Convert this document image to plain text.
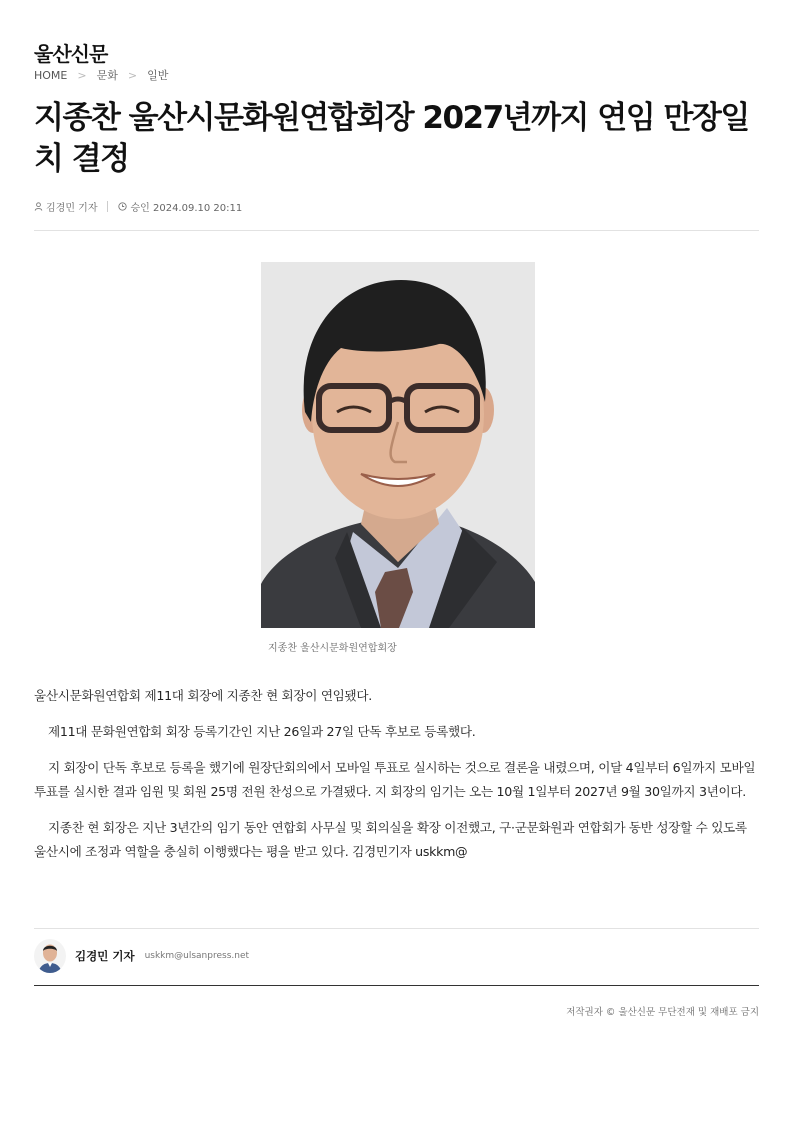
울산신문
HOME > 문화 > 일반
지종찬 울산시문화원연합회장 2027년까지 연임 만장일치 결정
김경민 기자	승인 2024.09.10 20:11
지종찬 울산시문화원연합회장

울산시문화원연합회 제11대 회장에 지종찬 현 회장이 연임됐다.

제11대 문화원연합회 회장 등록기간인 지난 26일과 27일 단독 후보로 등록했다.

지 회장이 단독 후보로 등록을 했기에 원장단회의에서 모바일 투표로 실시하는 것으로 결론을 내렸으며, 이달 4일부터 6일까지 모바일 투표를 실시한 결과 임원 및 회원 25명 전원 찬성으로 가결됐다. 지 회장의 임기는 오는 10월 1일부터 2027년 9월 30일까지 3년이다.

지종찬 현 회장은 지난 3년간의 임기 동안 연합회 사무실 및 회의실을 확장 이전했고, 구·군문화원과 연합회가 동반 성장할 수 있도록 울산시에 조정과 역할을 충실히 이행했다는 평을 받고 있다. 김경민기자 uskkm@

김경민 기자 uskkm@ulsanpress.net
저작권자 © 울산신문 무단전재 및 재배포 금지
